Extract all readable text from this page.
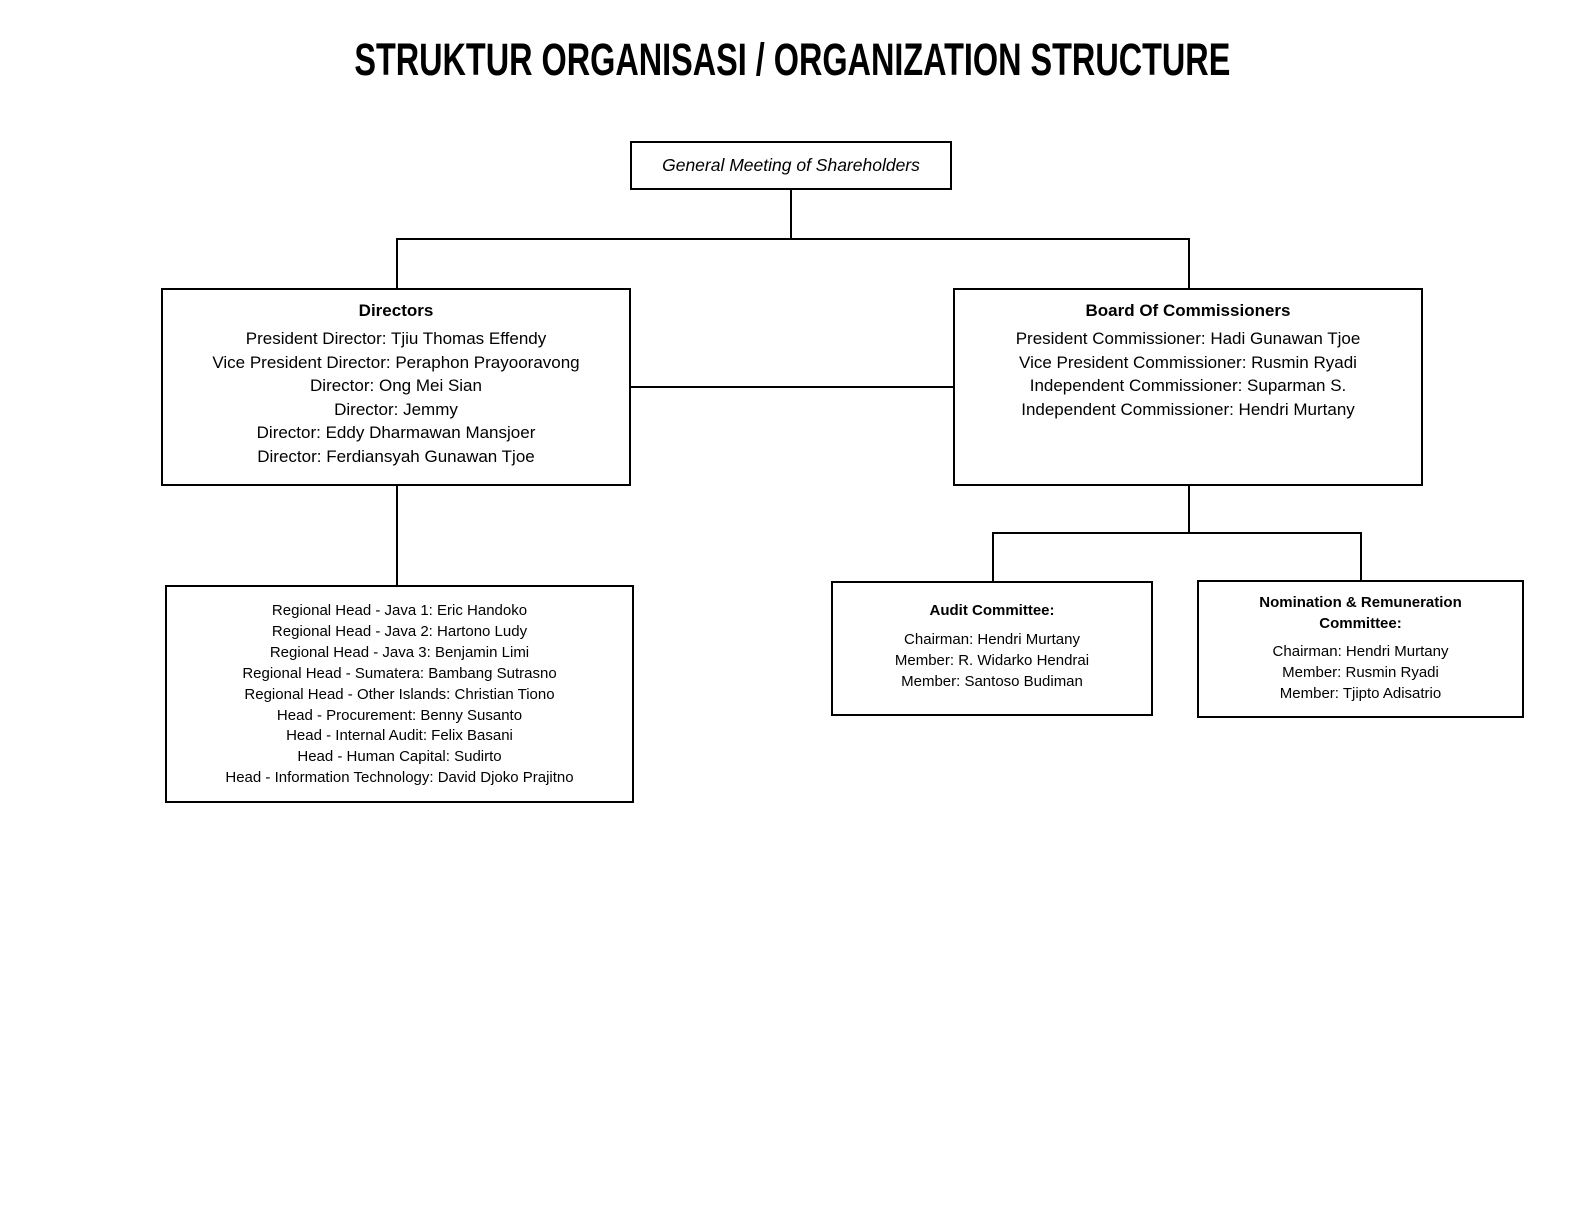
STRUKTUR ORGANISASI / ORGANIZATION STRUCTURE
General Meeting of Shareholders
Directors
President Director: Tjiu Thomas Effendy
Vice President Director: Peraphon Prayooravong
Director: Ong Mei Sian
Director: Jemmy
Director: Eddy Dharmawan Mansjoer
Director: Ferdiansyah Gunawan Tjoe
Board Of Commissioners
President Commissioner: Hadi Gunawan Tjoe
Vice President Commissioner: Rusmin Ryadi
Independent Commissioner: Suparman S.
Independent Commissioner: Hendri Murtany
Regional Head - Java 1: Eric Handoko
Regional Head - Java 2: Hartono Ludy
Regional Head - Java 3: Benjamin Limi
Regional Head - Sumatera: Bambang Sutrasno
Regional Head - Other Islands: Christian Tiono
Head - Procurement: Benny Susanto
Head - Internal Audit: Felix Basani
Head - Human Capital: Sudirto
Head - Information Technology: David Djoko Prajitno
Audit Committee:
Chairman: Hendri Murtany
Member: R. Widarko Hendrai
Member: Santoso Budiman
Nomination & Remuneration
Committee:
Chairman: Hendri Murtany
Member: Rusmin Ryadi
Member: Tjipto Adisatrio
